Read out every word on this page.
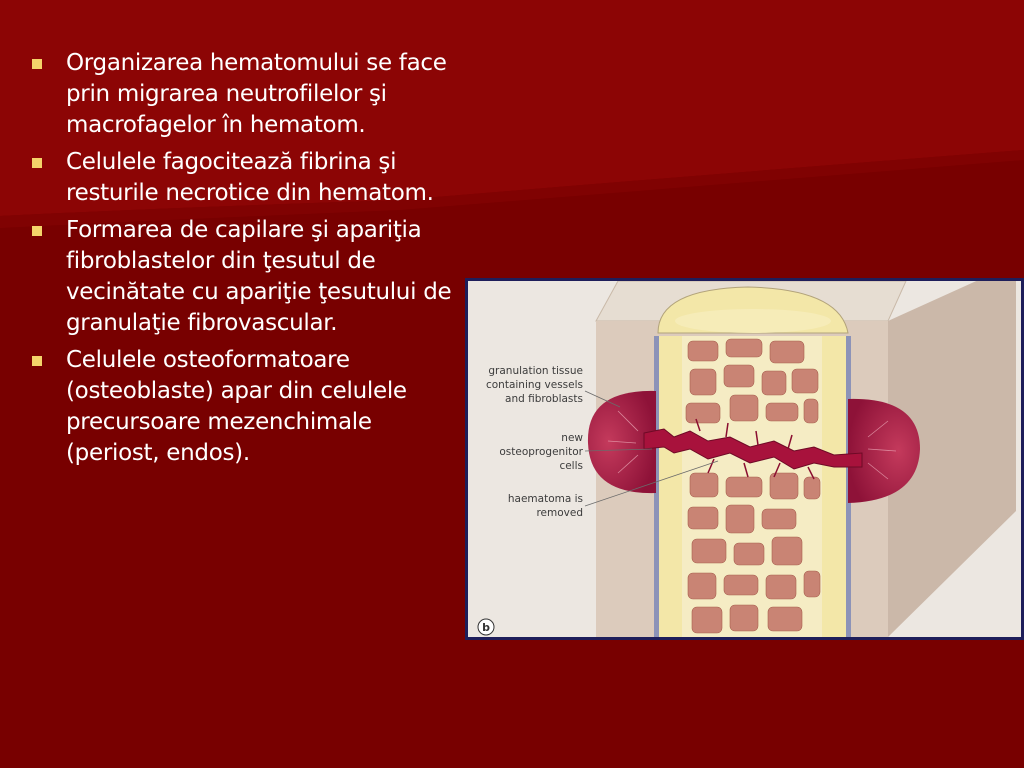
Organizarea hematomului se face prin migrarea neutrofilelor şi macrofagelor în hematom.
Celulele fagocitează fibrina şi resturile necrotice din hematom.
Formarea de capilare şi apariţia fibroblastelor din ţesutul de vecinătate cu apariţie ţesutului de granulaţie fibrovascular.
Celulele osteoformatoare (osteoblaste) apar din celulele precursoare mezenchimale (periost, endos).
granulation tissue
containing vessels
and fibroblasts
new
osteoprogenitor
cells
haematoma is
removed
b
